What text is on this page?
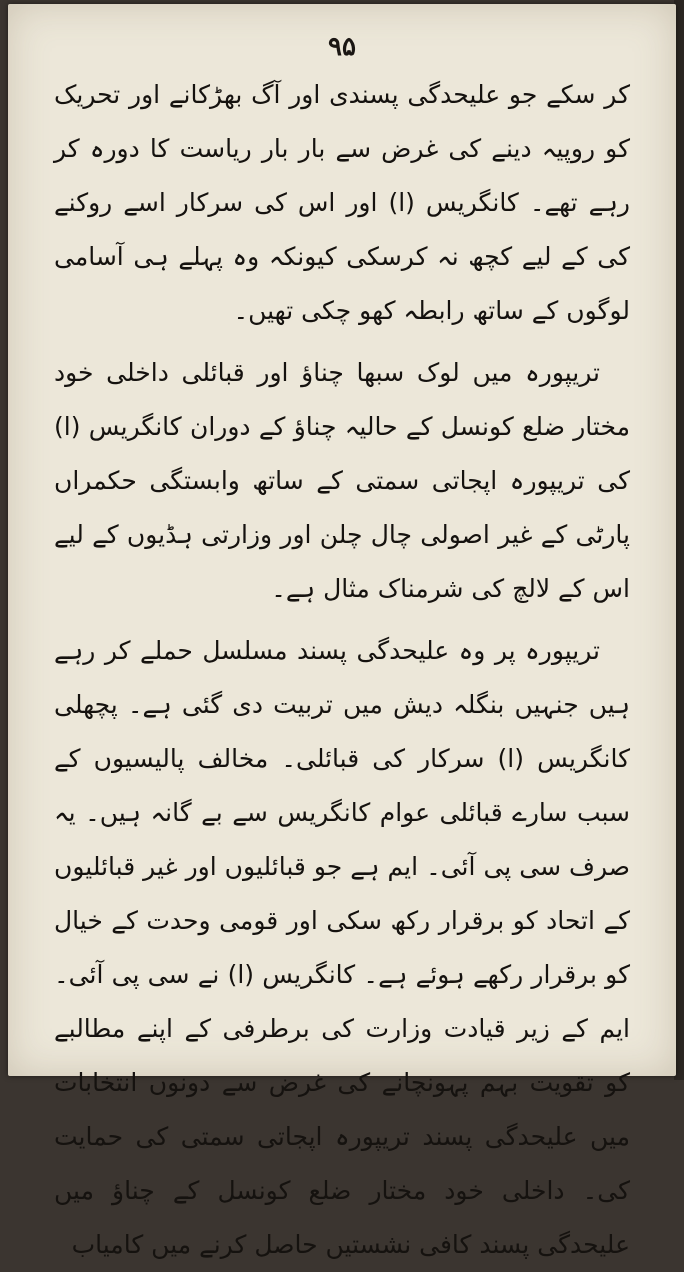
۹۵

کر سکے جو علیحدگی پسندی اور آگ بھڑکانے اور تحریک کو روپیہ دینے کی غرض سے بار بار ریاست کا دورہ کر رہے تھے۔ کانگریس (ا) اور اس کی سرکار اسے روکنے کی کے لیے کچھ نہ کرسکی کیونکہ وہ پہلے ہی آسامی لوگوں کے ساتھ رابطہ کھو چکی تھیں۔

تریپورہ میں لوک سبھا چناؤ اور قبائلی داخلی خود مختار ضلع کونسل کے حالیہ چناؤ کے دوران کانگریس (ا) کی تریپورہ اپجاتی سمتی کے ساتھ وابستگی حکمراں پارٹی کے غیر اصولی چال چلن اور وزارتی ہڈیوں کے لیے اس کے لالچ کی شرمناک مثال ہے۔

تریپورہ پر وہ علیحدگی پسند مسلسل حملے کر رہے ہیں جنہیں بنگلہ دیش میں تربیت دی گئی ہے۔ پچھلی کانگریس (ا) سرکار کی قبائلی۔ مخالف پالیسیوں کے سبب سارے قبائلی عوام کانگریس سے بے گانہ ہیں۔ یہ صرف سی پی آئی۔ ایم ہے جو قبائلیوں اور غیر قبائلیوں کے اتحاد کو برقرار رکھ سکی اور قومی وحدت کے خیال کو برقرار رکھے ہوئے ہے۔ کانگریس (ا) نے سی پی آئی۔ ایم کے زیر قیادت وزارت کی برطرفی کے اپنے مطالبے کو تقویت بہم پہونچانے کی غرض سے دونوں انتخابات میں علیحدگی پسند تریپورہ اپجاتی سمتی کی حمایت کی۔ داخلی خود مختار ضلع کونسل کے چناؤ میں علیحدگی پسند کافی نشستیں حاصل کرنے میں کامیاب
